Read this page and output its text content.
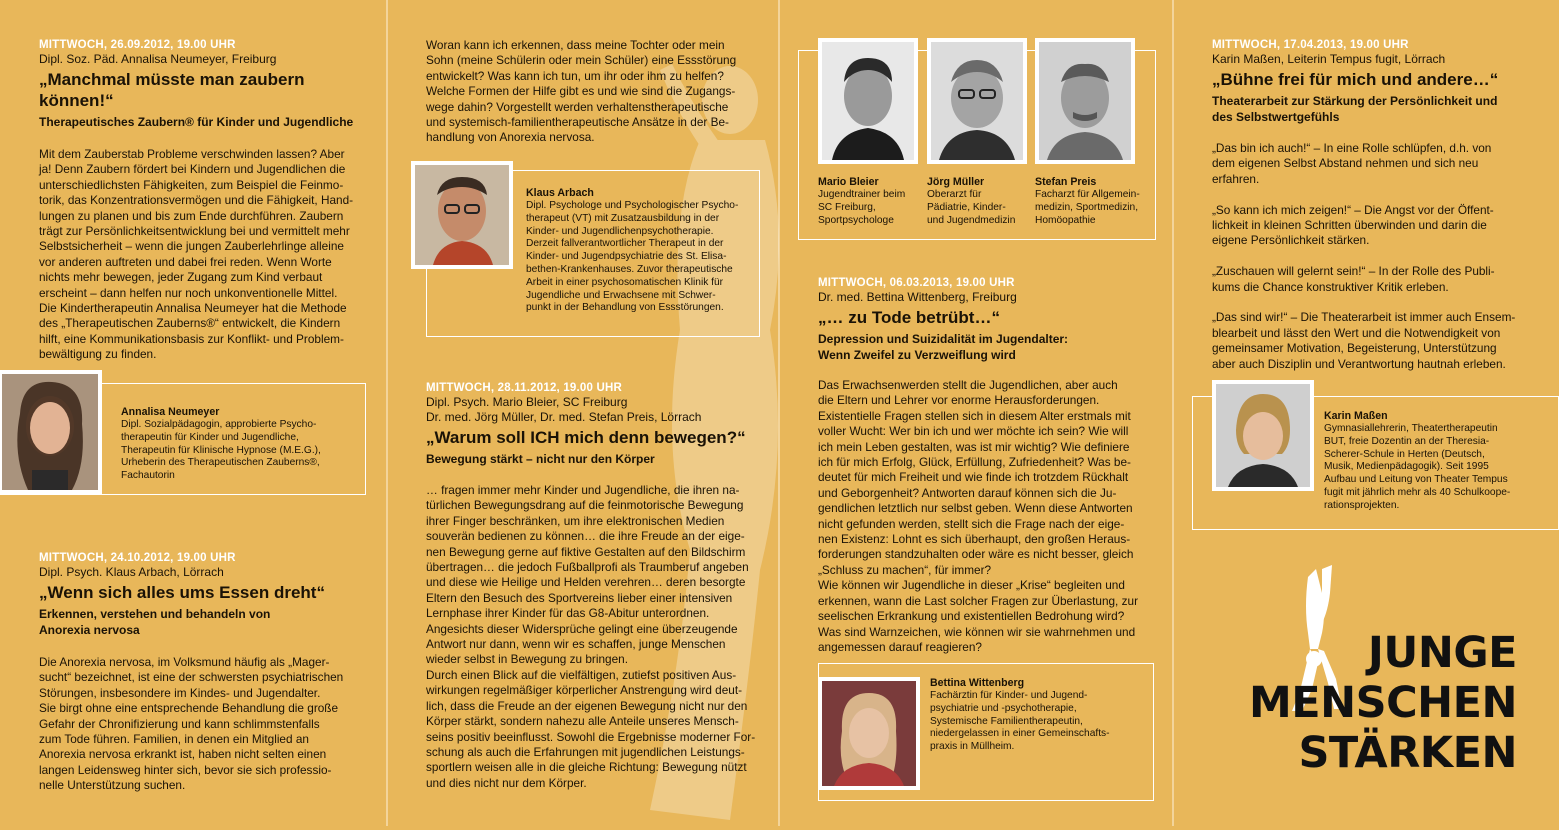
MITTWOCH, 26.09.2012, 19.00 UHR
Dipl. Soz. Päd. Annalisa Neumeyer, Freiburg
„Manchmal müsste man zaubern
können!“
Therapeutisches Zaubern® für Kinder und Jugendliche
Mit dem Zauberstab Probleme verschwinden lassen? Aber
ja! Denn Zaubern fördert bei Kindern und Jugendlichen die
unterschiedlichsten Fähigkeiten, zum Beispiel die Feinmo-
torik, das Konzentrationsvermögen und die Fähigkeit, Hand-
lungen zu planen und bis zum Ende durchführen. Zaubern
trägt zur Persönlichkeitsentwicklung bei und vermittelt mehr
Selbstsicherheit – wenn die jungen Zauberlehrlinge alleine
vor anderen auftreten und dabei frei reden. Wenn Worte
nichts mehr bewegen, jeder Zugang zum Kind verbaut
erscheint – dann helfen nur noch unkonventionelle Mittel.
Die Kindertherapeutin Annalisa Neumeyer hat die Methode
des „Therapeutischen Zauberns®“ entwickelt, die Kindern
hilft, eine Kommunikationsbasis zur Konflikt- und Problem-
bewältigung zu finden.
Annalisa Neumeyer
Dipl. Sozialpädagogin, approbierte Psycho-
therapeutin für Kinder und Jugendliche,
Therapeutin für Klinische Hypnose (M.E.G.),
Urheberin des Therapeutischen Zauberns®,
Fachautorin
MITTWOCH, 24.10.2012, 19.00 UHR
Dipl. Psych. Klaus Arbach, Lörrach
„Wenn sich alles ums Essen dreht“
Erkennen, verstehen und behandeln von
Anorexia nervosa
Die Anorexia nervosa, im Volksmund häufig als „Mager-
sucht“ bezeichnet, ist eine der schwersten psychiatrischen
Störungen, insbesondere im Kindes- und Jugendalter.
Sie birgt ohne eine entsprechende Behandlung die große
Gefahr der Chronifizierung und kann schlimmstenfalls
zum Tode führen. Familien, in denen ein Mitglied an
Anorexia nervosa erkrankt ist, haben nicht selten einen
langen Leidensweg hinter sich, bevor sie sich professio-
nelle Unterstützung suchen.
Woran kann ich erkennen, dass meine Tochter oder mein
Sohn (meine Schülerin oder mein Schüler) eine Essstörung
entwickelt? Was kann ich tun, um ihr oder ihm zu helfen?
Welche Formen der Hilfe gibt es und wie sind die Zugangs-
wege dahin? Vorgestellt werden verhaltenstherapeutische
und systemisch-familientherapeutische Ansätze in der Be-
handlung von Anorexia nervosa.
Klaus Arbach
Dipl. Psychologe und Psychologischer Psycho-
therapeut (VT) mit Zusatzausbildung in der
Kinder- und Jugendlichenpsychotherapie.
Derzeit fallverantwortlicher Therapeut in der
Kinder- und Jugendpsychiatrie des St. Elisa-
bethen-Krankenhauses. Zuvor therapeutische
Arbeit in einer psychosomatischen Klinik für
Jugendliche und Erwachsene mit Schwer-
punkt in der Behandlung von Essstörungen.
MITTWOCH, 28.11.2012, 19.00 UHR
Dipl. Psych. Mario Bleier, SC Freiburg
Dr. med. Jörg Müller, Dr. med. Stefan Preis, Lörrach
„Warum soll ICH mich denn bewegen?“
Bewegung stärkt – nicht nur den Körper
… fragen immer mehr Kinder und Jugendliche, die ihren na-
türlichen Bewegungsdrang auf die feinmotorische Bewegung
ihrer Finger beschränken, um ihre elektronischen Medien
souverän bedienen zu können… die ihre Freude an der eige-
nen Bewegung gerne auf fiktive Gestalten auf den Bildschirm
übertragen… die jedoch Fußballprofi als Traumberuf angeben
und diese wie Heilige und Helden verehren… deren besorgte
Eltern den Besuch des Sportvereins lieber einer intensiven
Lernphase ihrer Kinder für das G8-Abitur unterordnen.
Angesichts dieser Widersprüche gelingt eine überzeugende
Antwort nur dann, wenn wir es schaffen, junge Menschen
wieder selbst in Bewegung zu bringen.
Durch einen Blick auf die vielfältigen, zutiefst positiven Aus-
wirkungen regelmäßiger körperlicher Anstrengung wird deut-
lich, dass die Freude an der eigenen Bewegung nicht nur den
Körper stärkt, sondern nahezu alle Anteile unseres Mensch-
seins positiv beeinflusst. Sowohl die Ergebnisse moderner For-
schung als auch die Erfahrungen mit jugendlichen Leistungs-
sportlern weisen alle in die gleiche Richtung: Bewegung nützt
und dies nicht nur dem Körper.
Mario Bleier
Jugendtrainer beim
SC Freiburg,
Sportpsychologe
Jörg Müller
Oberarzt für
Pädiatrie, Kinder-
und Jugendmedizin
Stefan Preis
Facharzt für Allgemein-
medizin, Sportmedizin,
Homöopathie
MITTWOCH, 06.03.2013, 19.00 UHR
Dr. med. Bettina Wittenberg, Freiburg
„… zu Tode betrübt…“
Depression und Suizidalität im Jugendalter:
Wenn Zweifel zu Verzweiflung wird
Das Erwachsenwerden stellt die Jugendlichen, aber auch
die Eltern und Lehrer vor enorme Herausforderungen.
Existentielle Fragen stellen sich in diesem Alter erstmals mit
voller Wucht: Wer bin ich und wer möchte ich sein? Wie will
ich mein Leben gestalten, was ist mir wichtig? Wie definiere
ich für mich Erfolg, Glück, Erfüllung, Zufriedenheit? Was be-
deutet für mich Freiheit und wie finde ich trotzdem Rückhalt
und Geborgenheit? Antworten darauf können sich die Ju-
gendlichen letztlich nur selbst geben. Wenn diese Antworten
nicht gefunden werden, stellt sich die Frage nach der eige-
nen Existenz: Lohnt es sich überhaupt, den großen Heraus-
forderungen standzuhalten oder wäre es nicht besser, gleich
„Schluss zu machen“, für immer?
Wie können wir Jugendliche in dieser „Krise“ begleiten und
erkennen, wann die Last solcher Fragen zur Überlastung, zur
seelischen Erkrankung und existentiellen Bedrohung wird?
Was sind Warnzeichen, wie können wir sie wahrnehmen und
angemessen darauf reagieren?
Bettina Wittenberg
Fachärztin für Kinder- und Jugend-
psychiatrie und -psychotherapie,
Systemische Familientherapeutin,
niedergelassen in einer Gemeinschafts-
praxis in Müllheim.
MITTWOCH, 17.04.2013, 19.00 UHR
Karin Maßen, Leiterin Tempus fugit, Lörrach
„Bühne frei für mich und andere…“
Theaterarbeit zur Stärkung der Persönlichkeit und
des Selbstwertgefühls
„Das bin ich auch!“ – In eine Rolle schlüpfen, d.h. von
dem eigenen Selbst Abstand nehmen und sich neu
erfahren.

„So kann ich mich zeigen!“ – Die Angst vor der Öffent-
lichkeit in kleinen Schritten überwinden und darin die
eigene Persönlichkeit stärken.

„Zuschauen will gelernt sein!“ – In der Rolle des Publi-
kums die Chance konstruktiver Kritik erleben.

„Das sind wir!“ – Die Theaterarbeit ist immer auch Ensem-
blearbeit und lässt den Wert und die Notwendigkeit von
gemeinsamer Motivation, Begeisterung, Unterstützung
aber auch Disziplin und Verantwortung hautnah erleben.
Karin Maßen
Gymnasiallehrerin, Theatertherapeutin
BUT, freie Dozentin an der Theresia-
Scherer-Schule in Herten (Deutsch,
Musik, Medienpädagogik). Seit 1995
Aufbau und Leitung von Theater Tempus
fugit mit jährlich mehr als 40 Schulkoope-
rationsprojekten.
JUNGE
MENSCHEN
STÄRKEN
